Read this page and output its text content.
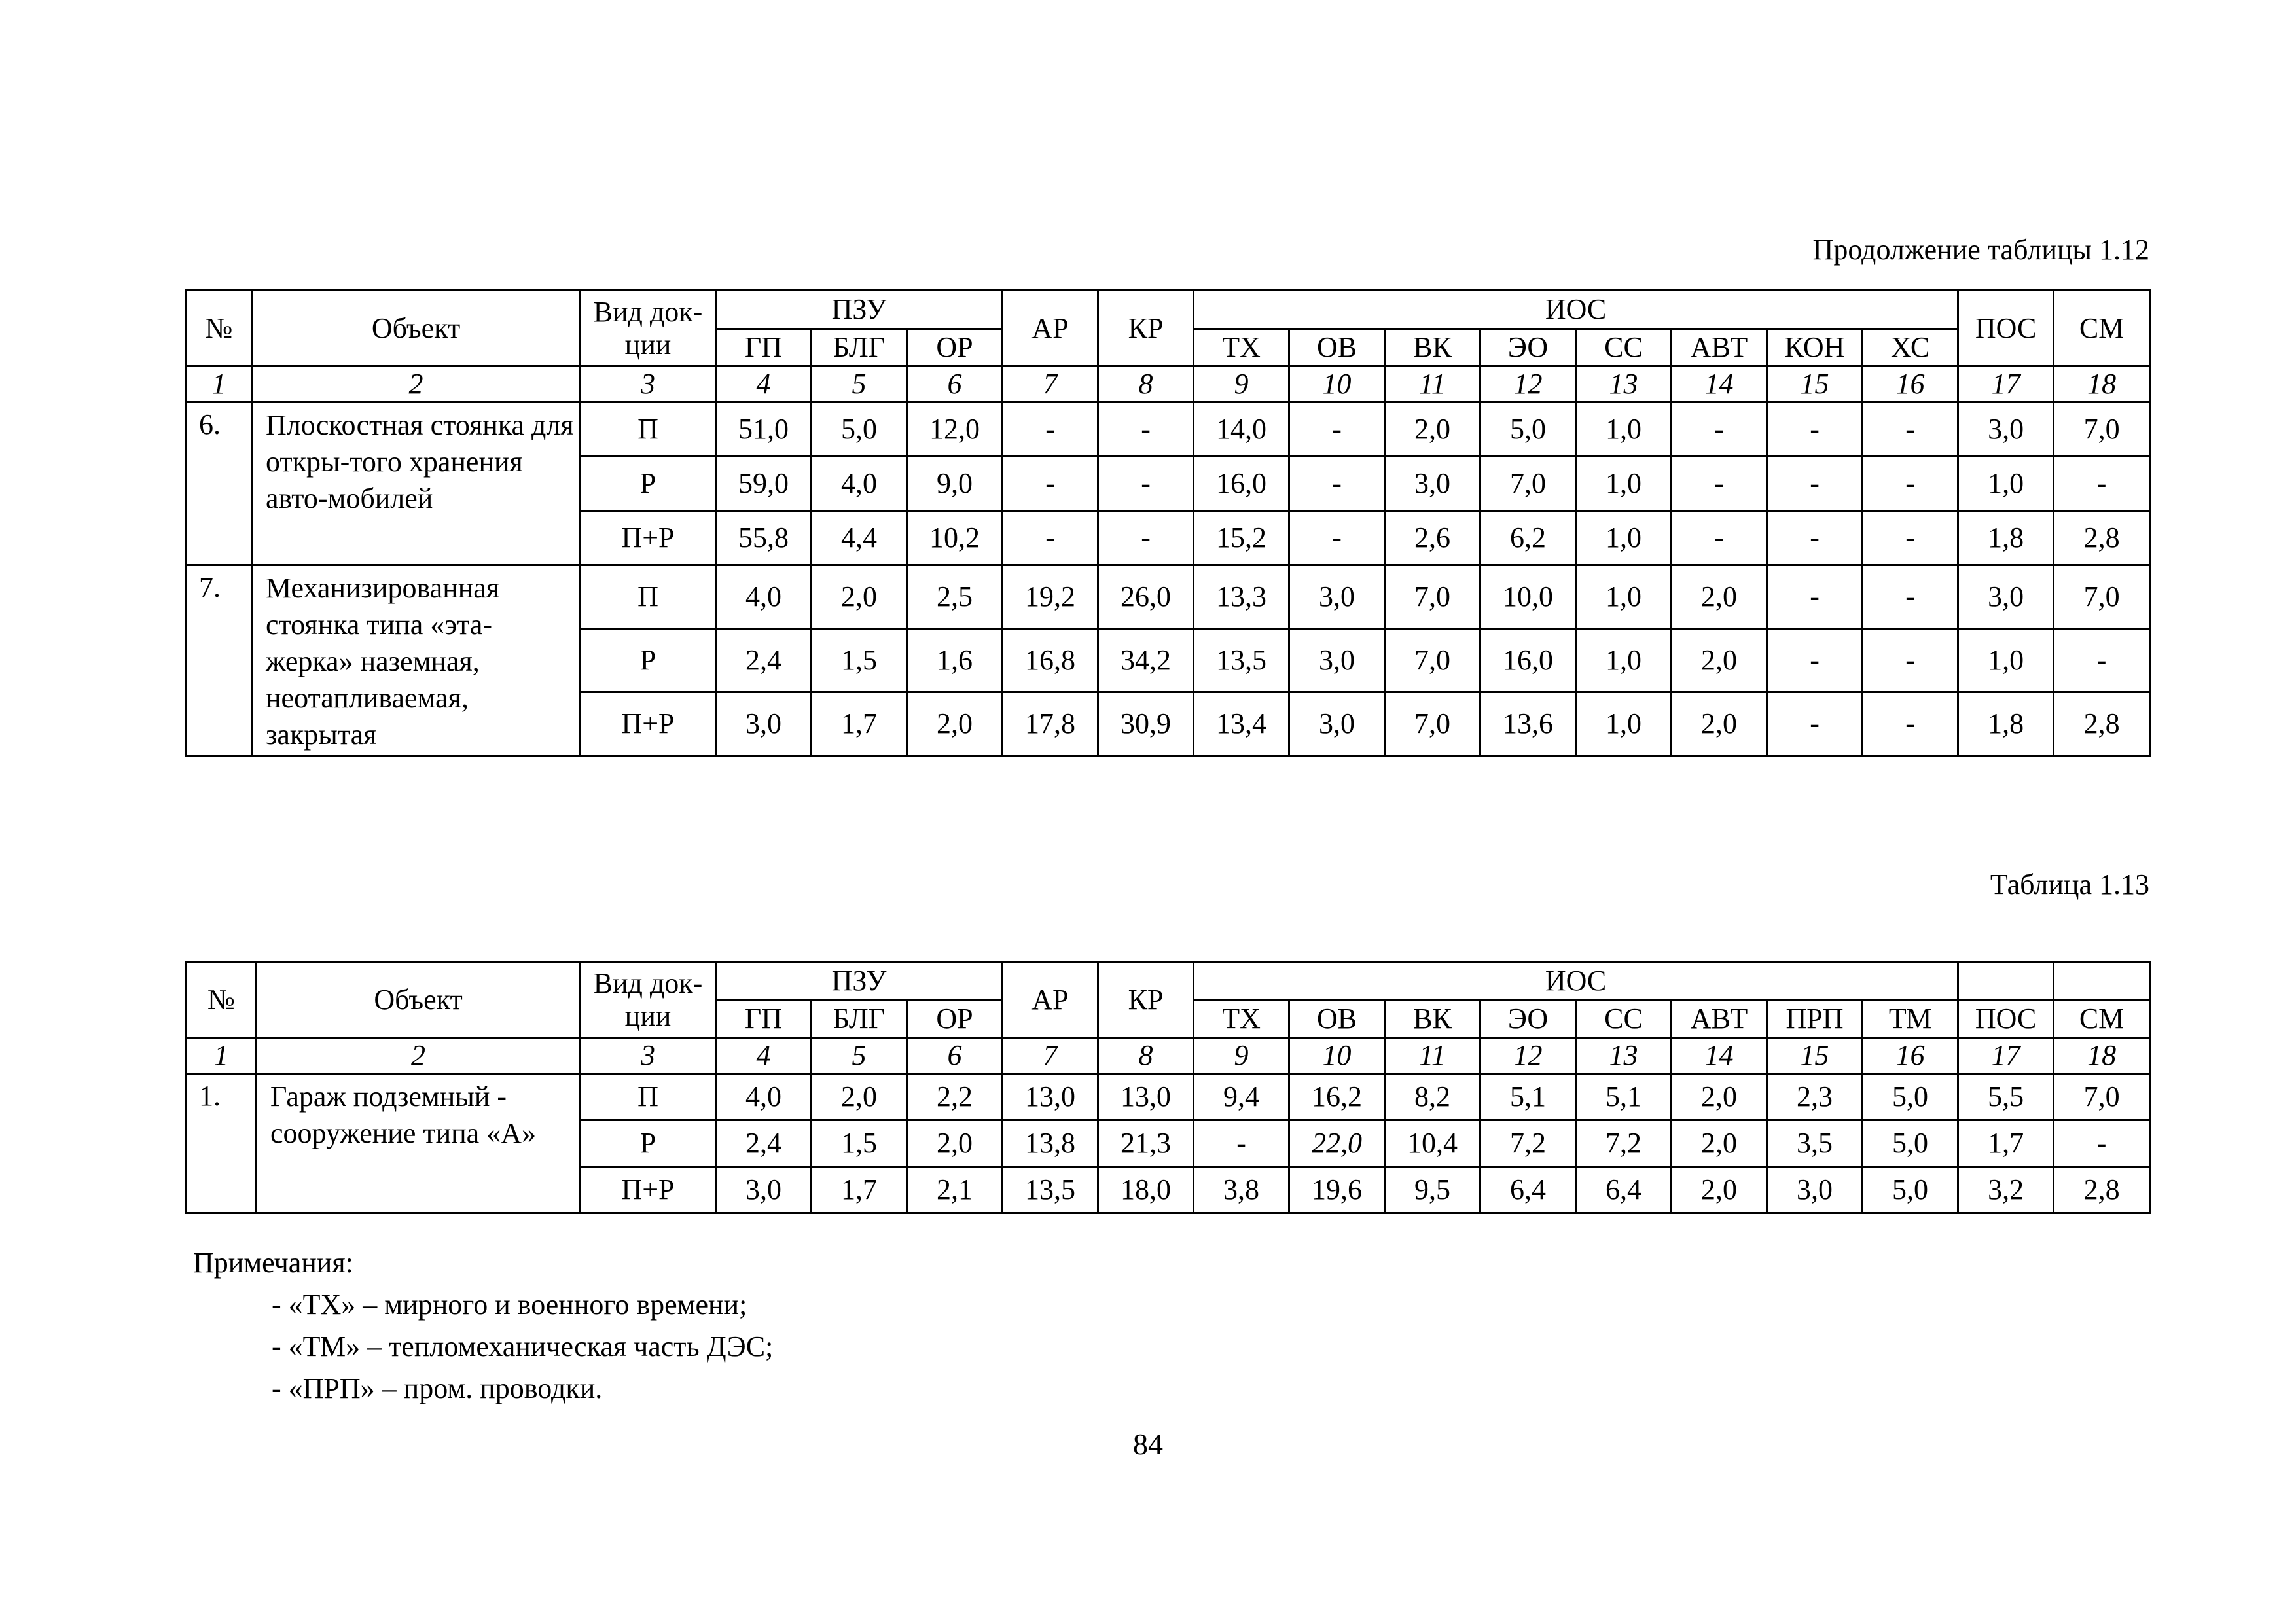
Продолжение таблицы 1.12
№	Объект	Вид док-ции	ПЗУ			АР	КР	ИОС								ПОС	СМ
			ГП	БЛГ	ОР			ТХ	ОВ	ВК	ЭО	СС	АВТ	КОН	ХС		
1	2	3	4	5	6	7	8	9	10	11	12	13	14	15	16	17	18
6.	Плоскостная стоянка для откры-того хранения авто-мобилей	П	51,0	5,0	12,0	-	-	14,0	-	2,0	5,0	1,0	-	-	-	3,0	7,0
		Р	59,0	4,0	9,0	-	-	16,0	-	3,0	7,0	1,0	-	-	-	1,0	-
		П+Р	55,8	4,4	10,2	-	-	15,2	-	2,6	6,2	1,0	-	-	-	1,8	2,8
7.	Механизированная стоянка типа «эта-жерка» наземная, неотапливаемая, закрытая	П	4,0	2,0	2,5	19,2	26,0	13,3	3,0	7,0	10,0	1,0	2,0	-	-	3,0	7,0
		Р	2,4	1,5	1,6	16,8	34,2	13,5	3,0	7,0	16,0	1,0	2,0	-	-	1,0	-
		П+Р	3,0	1,7	2,0	17,8	30,9	13,4	3,0	7,0	13,6	1,0	2,0	-	-	1,8	2,8
Таблица 1.13
№	Объект	Вид док-ции	ПЗУ			АР	КР	ИОС									
			ГП	БЛГ	ОР			ТХ	ОВ	ВК	ЭО	СС	АВТ	ПРП	ТМ	ПОС	СМ
1	2	3	4	5	6	7	8	9	10	11	12	13	14	15	16	17	18
1.	Гараж подземный - сооружение типа «А»	П	4,0	2,0	2,2	13,0	13,0	9,4	16,2	8,2	5,1	5,1	2,0	2,3	5,0	5,5	7,0
		Р	2,4	1,5	2,0	13,8	21,3	-	22,0	10,4	7,2	7,2	2,0	3,5	5,0	1,7	-
		П+Р	3,0	1,7	2,1	13,5	18,0	3,8	19,6	9,5	6,4	6,4	2,0	3,0	5,0	3,2	2,8
Примечания:
- «ТХ» – мирного и военного времени;
- «ТМ» – тепломеханическая часть ДЭС;
- «ПРП» – пром. проводки.
84
